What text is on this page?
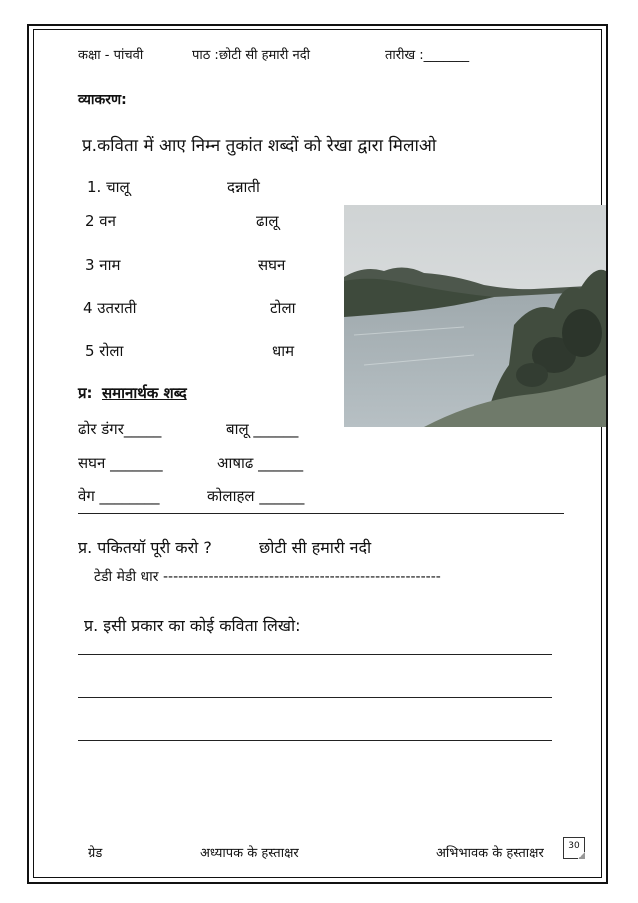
कक्षा - पांचवी	पाठ :छोटी सी हमारी नदी	तारीख :_______
व्याकरण:
प्र.कविता में आए निम्न तुकांत शब्दों को रेखा द्वारा मिलाओ
1. चालू	दन्नाती
2 वन	ढालू
3 नाम	सघन
4 उतराती	टोला
5 रोला	धाम
प्र: समानार्थक शब्द
ढोर डंगर_____	बालू ______
सघन _______	आषाढ ______
वेग ________	कोलाहल ______
प्र. पकितयॉ पूरी करो ?	छोटी सी हमारी नदी
टेडी मेडी धार -------------------------------------------------------
प्र. इसी प्रकार का कोई कविता लिखो:
ग्रेड	अध्यापक के हस्ताक्षर	अभिभावक के हस्ताक्षर	30
